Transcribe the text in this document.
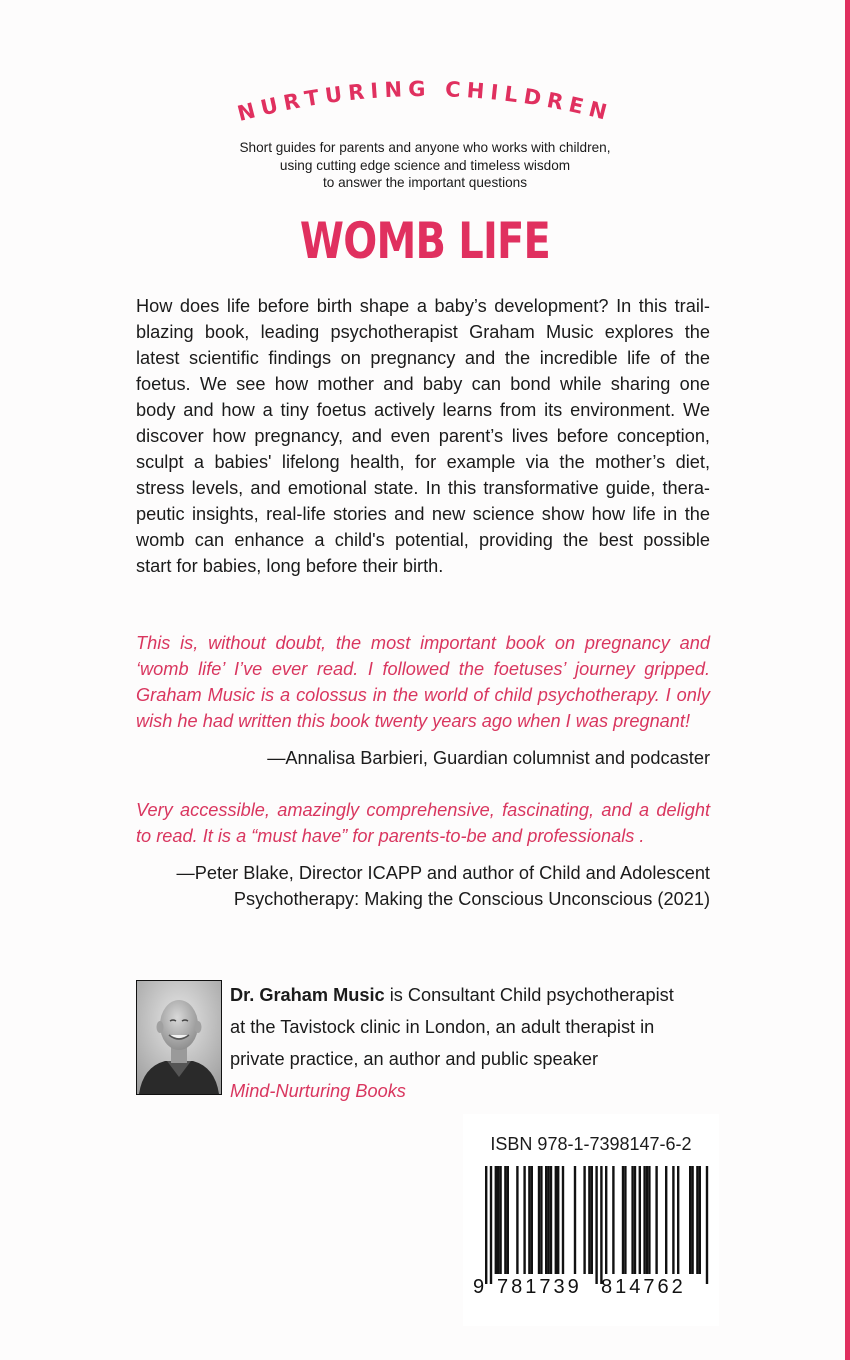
NURTURING CHILDREN
Short guides for parents and anyone who works with children,
using cutting edge science and timeless wisdom
to answer the important questions
WOMB LIFE
How does life before birth shape a baby’s development? In this trail-
blazing book, leading psychotherapist Graham Music explores the
latest scientific findings on pregnancy and the incredible life of the
foetus. We see how mother and baby can bond while sharing one
body and how a tiny foetus actively learns from its environment. We
discover how pregnancy, and even parent’s lives before conception,
sculpt a babies' lifelong health, for example via the mother’s diet,
stress levels, and emotional state. In this transformative guide, thera-
peutic insights, real-life stories and new science show how life in the
womb can enhance a child's potential, providing the best possible
start for babies, long before their birth.
This is, without doubt, the most important book on pregnancy and
‘womb life’ I’ve ever read. I followed the foetuses’ journey gripped.
Graham Music is a colossus in the world of child psychotherapy. I only
wish he had written this book twenty years ago when I was pregnant!
—Annalisa Barbieri, Guardian columnist and podcaster
Very accessible, amazingly comprehensive, fascinating, and a delight
to read. It is a “must have” for parents-to-be and professionals .
—Peter Blake, Director ICAPP and author of Child and Adolescent
Psychotherapy: Making the Conscious Unconscious (2021)
Dr. Graham Music is Consultant Child psychotherapist
at the Tavistock clinic in London, an adult therapist in
private practice, an author and public speaker
Mind-Nurturing Books
ISBN 978-1-7398147-6-2
9 781739 814762
